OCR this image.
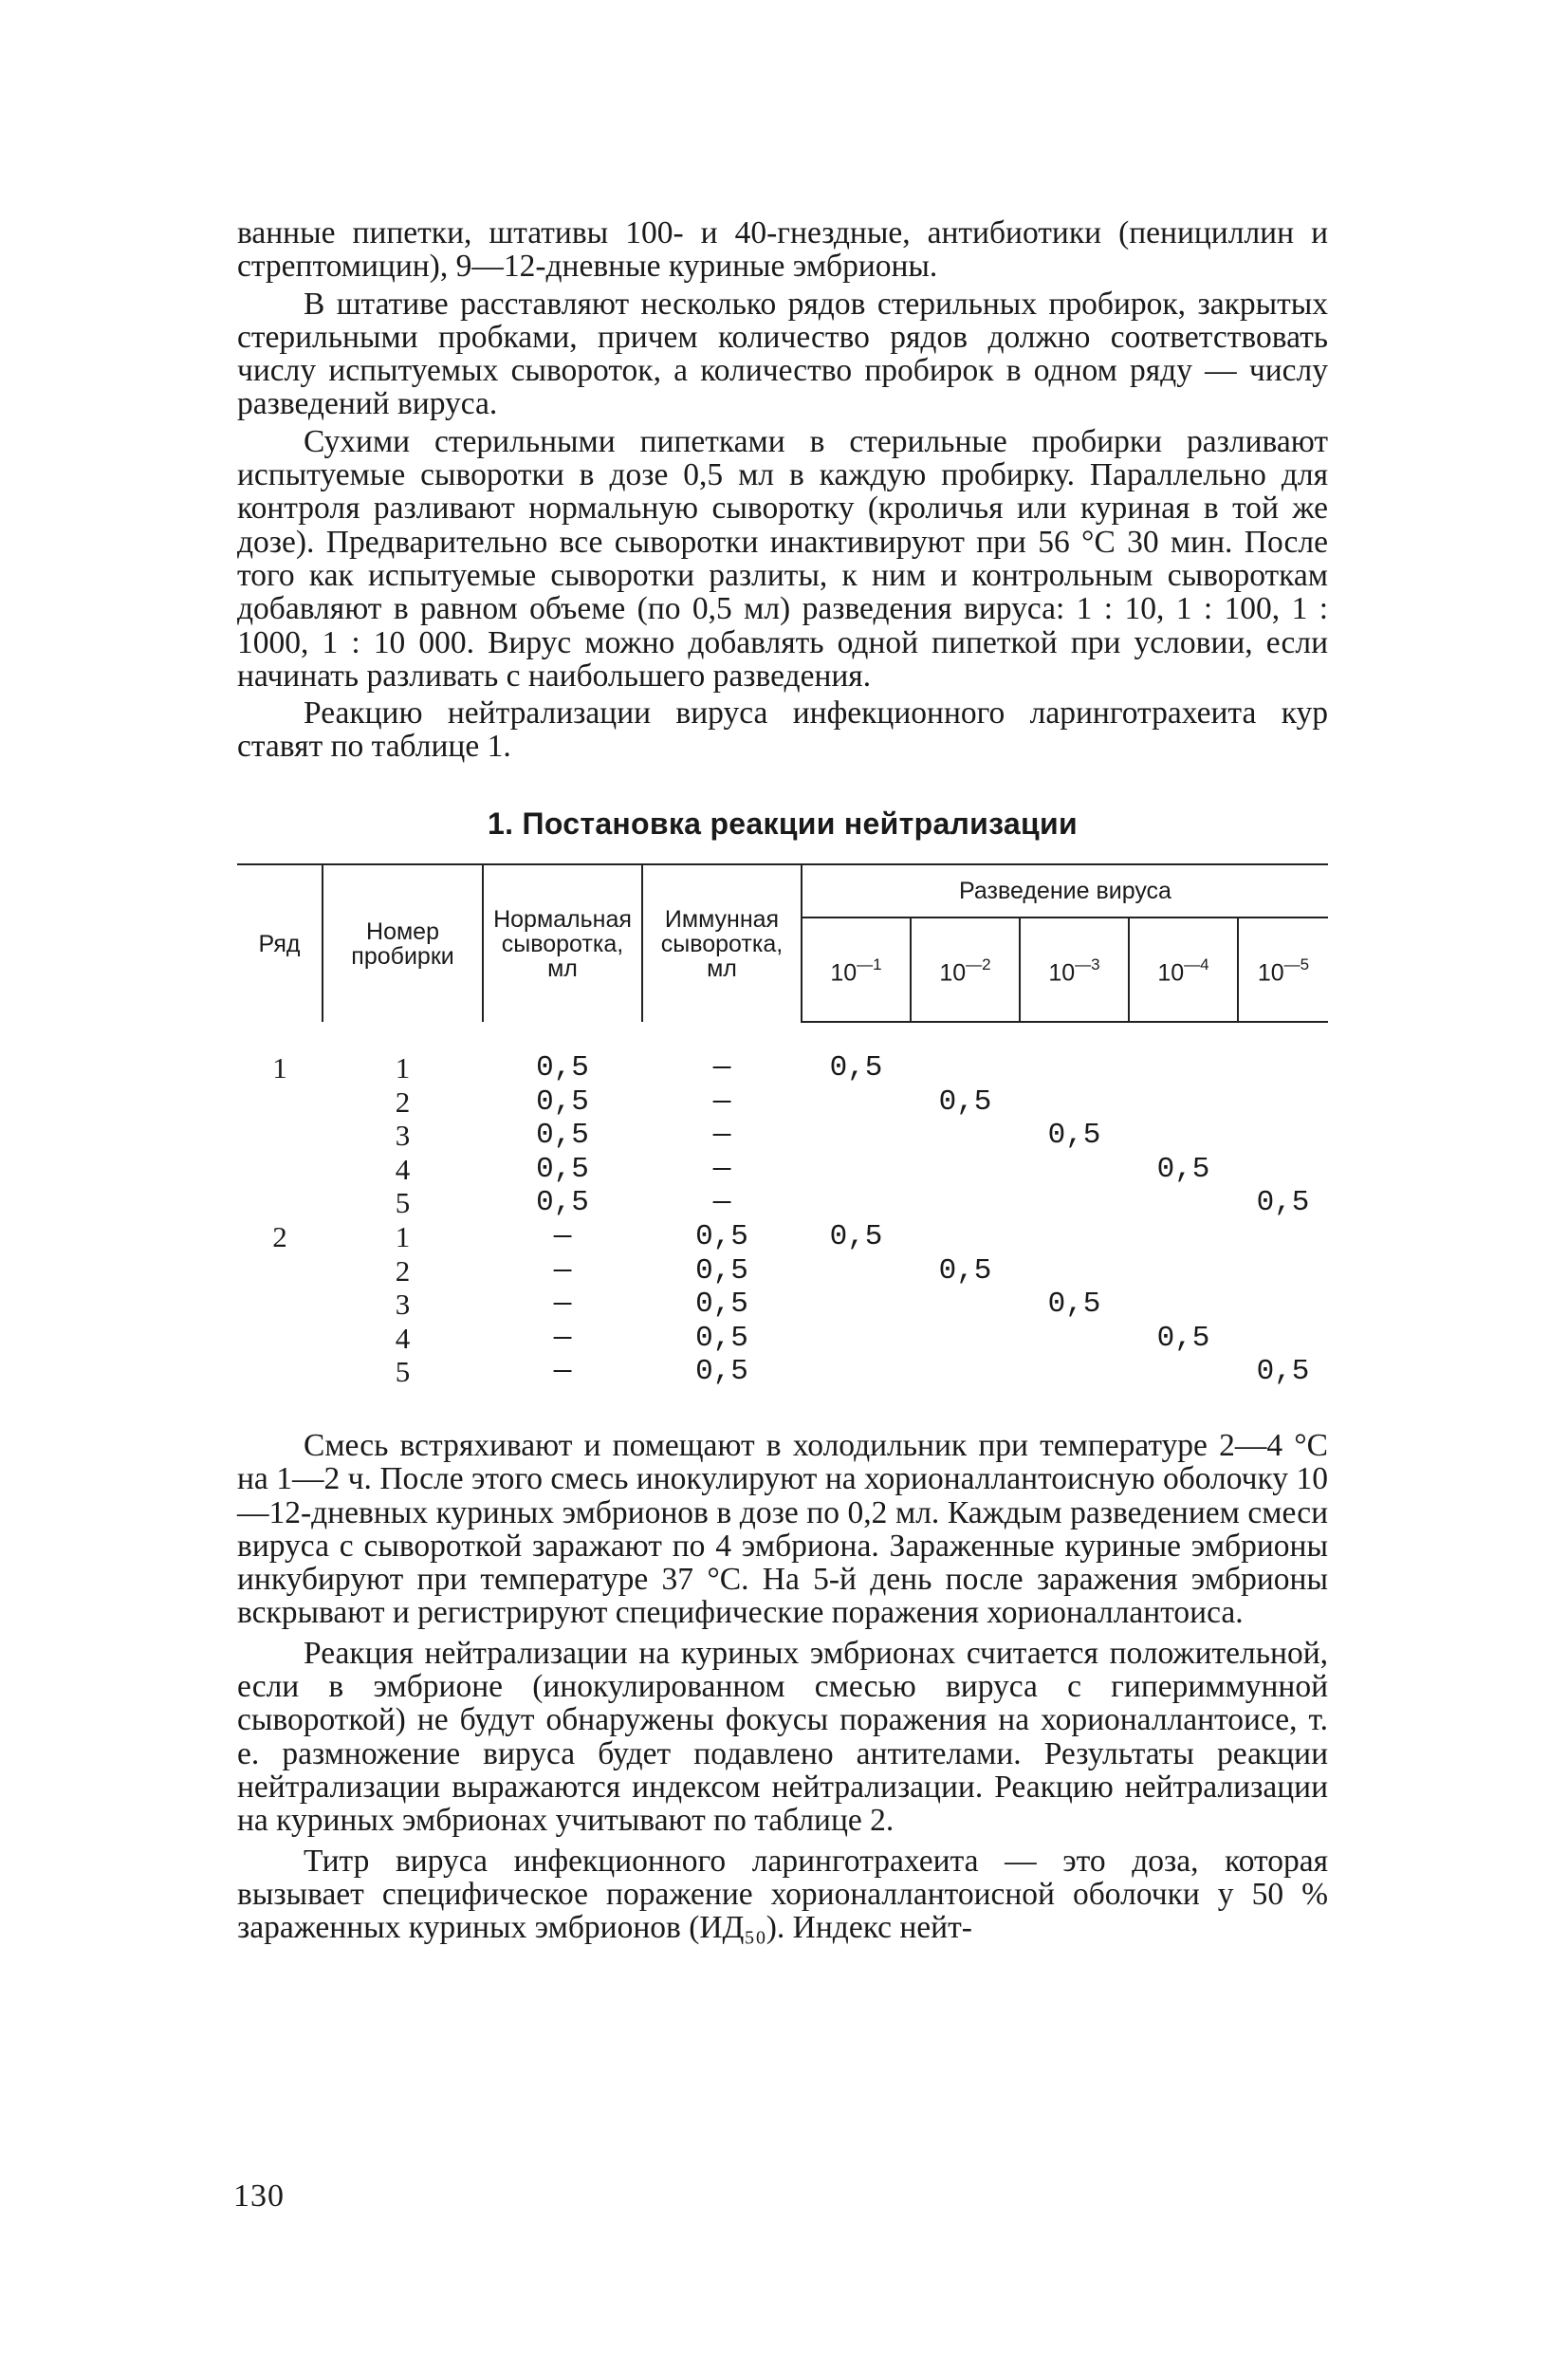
ванные пипетки, штативы 100- и 40-гнездные, антибиотики (пенициллин и стрептомицин), 9—12-дневные куриные эмбрионы.

В штативе расставляют несколько рядов стерильных пробирок, закрытых стерильными пробками, причем количество рядов должно соответствовать числу испытуемых сывороток, а количество пробирок в одном ряду — числу разведений вируса.

Сухими стерильными пипетками в стерильные пробирки разливают испытуемые сыворотки в дозе 0,5 мл в каждую пробирку. Параллельно для контроля разливают нормальную сыворотку (кроличья или куриная в той же дозе). Предварительно все сыворотки инактивируют при 56 °С 30 мин. После того как испытуемые сыворотки разлиты, к ним и контрольным сывороткам добавляют в равном объеме (по 0,5 мл) разведения вируса: 1 : 10, 1 : 100, 1 : 1000, 1 : 10 000. Вирус можно добавлять одной пипеткой при условии, если начинать разливать с наибольшего разведения.

Реакцию нейтрализации вируса инфекционного ларинготрахеита кур ставят по таблице 1.

1. Постановка реакции нейтрализации
Ряд	Номер пробирки	Нормальная сыворотка, мл	Иммунная сыворотка, мл	Разведение вируса				
				$10^{—1}$	$10^{—2}$	$10^{—3}$	$10^{—4}$	$10^{—5}$
1	1	0,5	—	0,5				
	2	0,5	—		0,5			
	3	0,5	—			0,5		
	4	0,5	—				0,5	
	5	0,5	—					0,5
2	1	—	0,5	0,5				
	2	—	0,5		0,5			
	3	—	0,5			0,5		
	4	—	0,5				0,5	
	5	—	0,5					0,5

Смесь встряхивают и помещают в холодильник при температуре 2—4 °С на 1—2 ч. После этого смесь инокулируют на хорионаллантоисную оболочку 10—12-дневных куриных эмбрионов в дозе по 0,2 мл. Каждым разведением смеси вируса с сывороткой заражают по 4 эмбриона. Зараженные куриные эмбрионы инкубируют при температуре 37 °С. На 5-й день после заражения эмбрионы вскрывают и регистрируют специфические поражения хорионаллантоиса.

Реакция нейтрализации на куриных эмбрионах считается положительной, если в эмбрионе (инокулированном смесью вируса с гипериммунной сывороткой) не будут обнаружены фокусы поражения на хорионаллантоисе, т. е. размножение вируса будет подавлено антителами. Результаты реакции нейтрализации выражаются индексом нейтрализации. Реакцию нейтрализации на куриных эмбрионах учитывают по таблице 2.

Титр вируса инфекционного ларинготрахеита — это доза, которая вызывает специфическое поражение хорионаллантоисной оболочки у 50 % зараженных куриных эмбрионов (ИД₅₀). Индекс нейт-

130
